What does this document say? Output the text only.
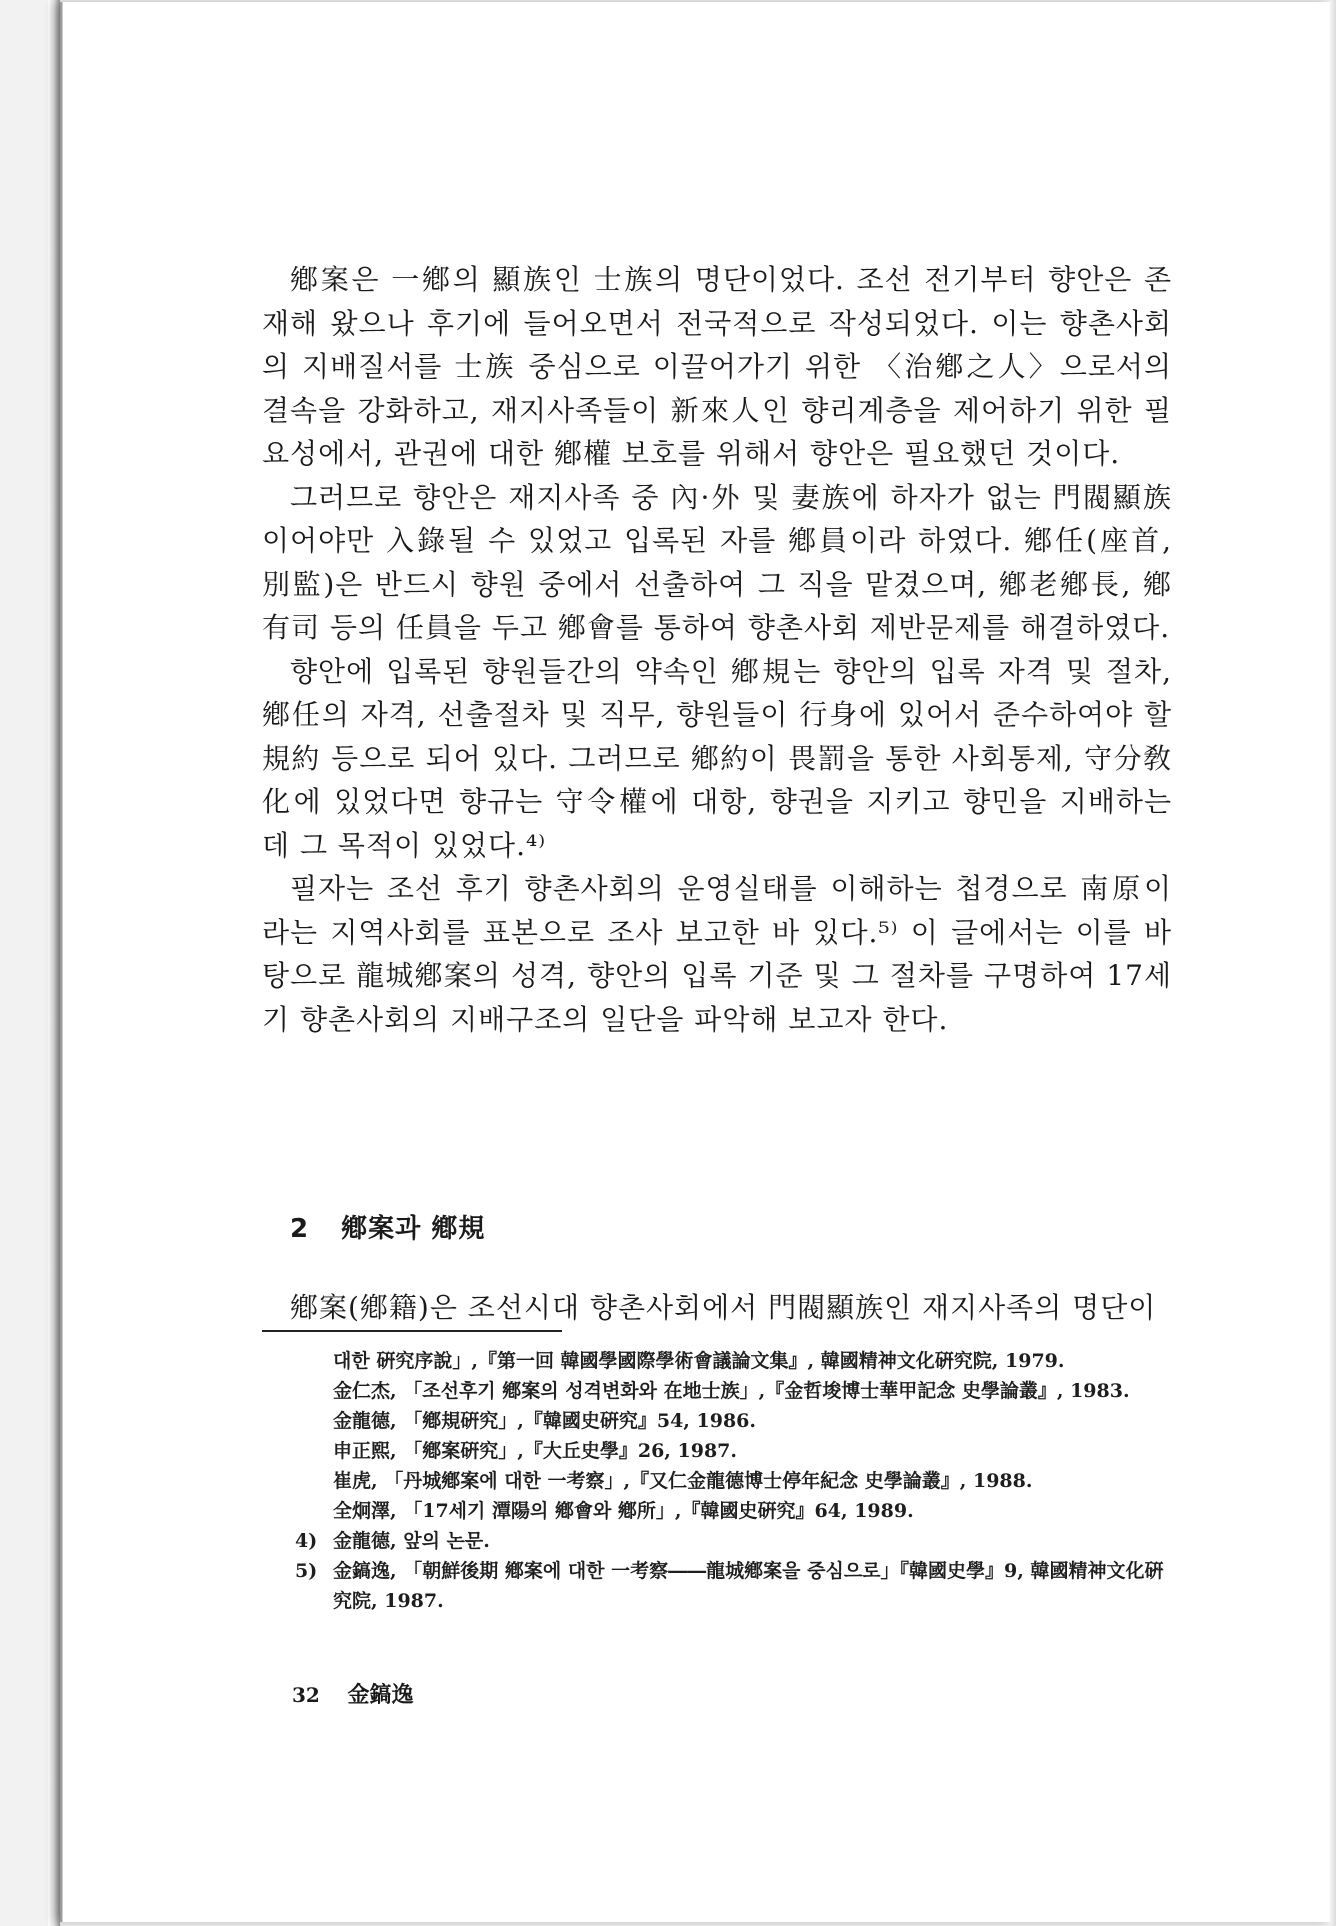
鄕案은 一鄕의 顯族인 士族의 명단이었다. 조선 전기부터 향안은 존재해 왔으나 후기에 들어오면서 전국적으로 작성되었다. 이는 향촌사회의 지배질서를 士族 중심으로 이끌어가기 위한 〈治鄕之人〉으로서의 결속을 강화하고, 재지사족들이 新來人인 향리계층을 제어하기 위한 필요성에서, 관권에 대한 鄕權 보호를 위해서 향안은 필요했던 것이다.

그러므로 향안은 재지사족 중 內·外 및 妻族에 하자가 없는 門閥顯族이어야만 入錄될 수 있었고 입록된 자를 鄕員이라 하였다. 鄕任(座首, 別監)은 반드시 향원 중에서 선출하여 그 직을 맡겼으며, 鄕老鄕長, 鄕有司 등의 任員을 두고 鄕會를 통하여 향촌사회 제반문제를 해결하였다.

향안에 입록된 향원들간의 약속인 鄕規는 향안의 입록 자격 및 절차, 鄕任의 자격, 선출절차 및 직무, 향원들이 行身에 있어서 준수하여야 할 規約 등으로 되어 있다. 그러므로 鄕約이 畏罰을 통한 사회통제, 守分敎化에 있었다면 향규는 守令權에 대항, 향권을 지키고 향민을 지배하는 데 그 목적이 있었다.⁴⁾

필자는 조선 후기 향촌사회의 운영실태를 이해하는 첩경으로 南原이라는 지역사회를 표본으로 조사 보고한 바 있다.⁵⁾ 이 글에서는 이를 바탕으로 龍城鄕案의 성격, 향안의 입록 기준 및 그 절차를 구명하여 17세기 향촌사회의 지배구조의 일단을 파악해 보고자 한다.

2 鄕案과 鄕規

鄕案(鄕籍)은 조선시대 향촌사회에서 門閥顯族인 재지사족의 명단이

대한 硏究序說」,『第一回 韓國學國際學術會議論文集』, 韓國精神文化硏究院, 1979.
金仁杰, 「조선후기 鄕案의 성격변화와 在地士族」,『金哲埈博士華甲記念 史學論叢』, 1983.
金龍德, 「鄕規硏究」,『韓國史硏究』54, 1986.
申正熙, 「鄕案硏究」,『大丘史學』26, 1987.
崔虎, 「丹城鄕案에 대한 一考察」,『又仁金龍德博士停年紀念 史學論叢』, 1988.
全炯澤, 「17세기 潭陽의 鄕會와 鄕所」,『韓國史硏究』64, 1989.
4) 金龍德, 앞의 논문.
5) 金鎬逸, 「朝鮮後期 鄕案에 대한 一考察――龍城鄕案을 중심으로」『韓國史學』9, 韓國精神文化硏究院, 1987.
32 金鎬逸
